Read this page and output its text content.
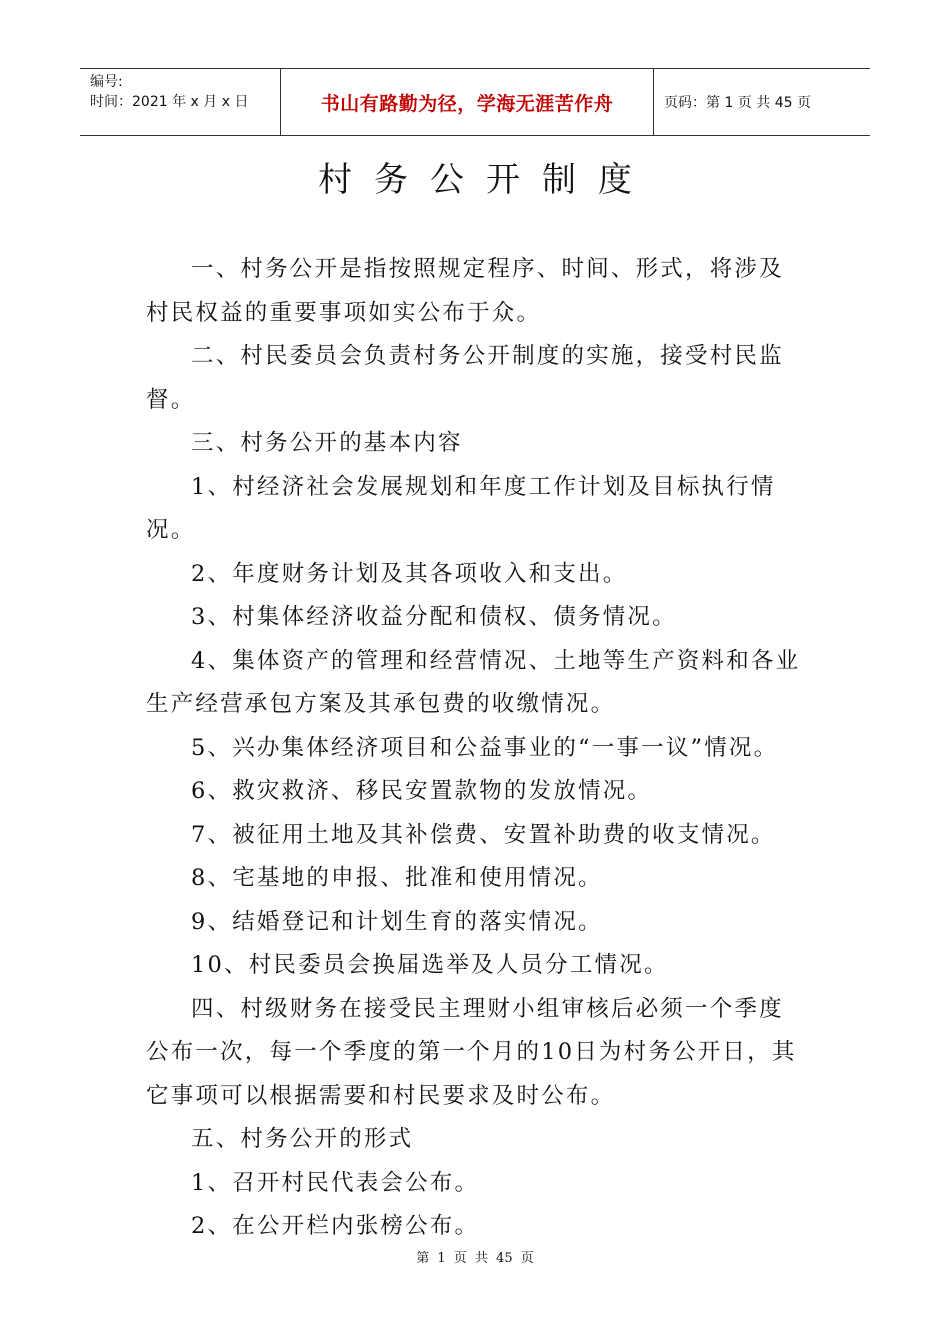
编号:
时间：2021 年 x 月 x 日	书山有路勤为径，学海无涯苦作舟	页码：第 1 页 共 45 页
村务公开制度

一、村务公开是指按照规定程序、时间、形式，将涉及村民权益的重要事项如实公布于众。

二、村民委员会负责村务公开制度的实施，接受村民监督。

三、村务公开的基本内容

1、村经济社会发展规划和年度工作计划及目标执行情况。

2、年度财务计划及其各项收入和支出。

3、村集体经济收益分配和债权、债务情况。

4、集体资产的管理和经营情况、土地等生产资料和各业生产经营承包方案及其承包费的收缴情况。

5、兴办集体经济项目和公益事业的“一事一议”情况。

6、救灾救济、移民安置款物的发放情况。

7、被征用土地及其补偿费、安置补助费的收支情况。

8、宅基地的申报、批准和使用情况。

9、结婚登记和计划生育的落实情况。

10、村民委员会换届选举及人员分工情况。

四、村级财务在接受民主理财小组审核后必须一个季度公布一次，每一个季度的第一个月的10日为村务公开日，其它事项可以根据需要和村民要求及时公布。

五、村务公开的形式

1、召开村民代表会公布。

2、在公开栏内张榜公布。

第 1 页 共 45 页
